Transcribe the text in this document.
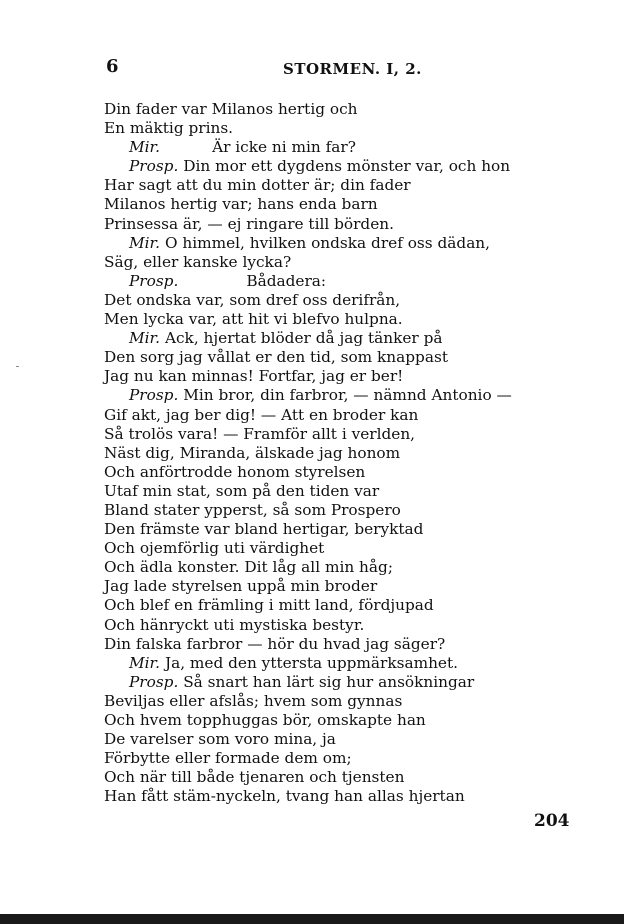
6	STORMEN. I, 2.
Din fader var Milanos hertig och
En mäktig prins.
Mir.	Är icke ni min far?
Prosp. Din mor ett dygdens mönster var, och hon
Har sagt att du min dotter är; din fader
Milanos hertig var; hans enda barn
Prinsessa är, — ej ringare till börden.
Mir. O himmel, hvilken ondska dref oss dädan,
Säg, eller kanske lycka?
Prosp.	Bådadera:
Det ondska var, som dref oss derifrån,
Men lycka var, att hit vi blefvo hulpna.
Mir. Ack, hjertat blöder då jag tänker på
Den sorg jag vållat er den tid, som knappast
Jag nu kan minnas! Fortfar, jag er ber!
Prosp. Min bror, din farbror, — nämnd Antonio —
Gif akt, jag ber dig! — Att en broder kan
Så trolös vara! — Framför allt i verlden,
Näst dig, Miranda, älskade jag honom
Och anförtrodde honom styrelsen
Utaf min stat, som på den tiden var
Bland stater ypperst, så som Prospero
Den främste var bland hertigar, beryktad
Och ojemförlig uti värdighet
Och ädla konster. Dit låg all min håg;
Jag lade styrelsen uppå min broder
Och blef en främling i mitt land, fördjupad
Och hänryckt uti mystiska bestyr.
Din falska farbror — hör du hvad jag säger?
Mir. Ja, med den yttersta uppmärksamhet.
Prosp. Så snart han lärt sig hur ansökningar
Beviljas eller afslås; hvem som gynnas
Och hvem topphuggas bör, omskapte han
De varelser som voro mina, ja
Förbytte eller formade dem om;
Och när till både tjenaren och tjensten
Han fått stäm-nyckeln, tvang han allas hjertan
204
